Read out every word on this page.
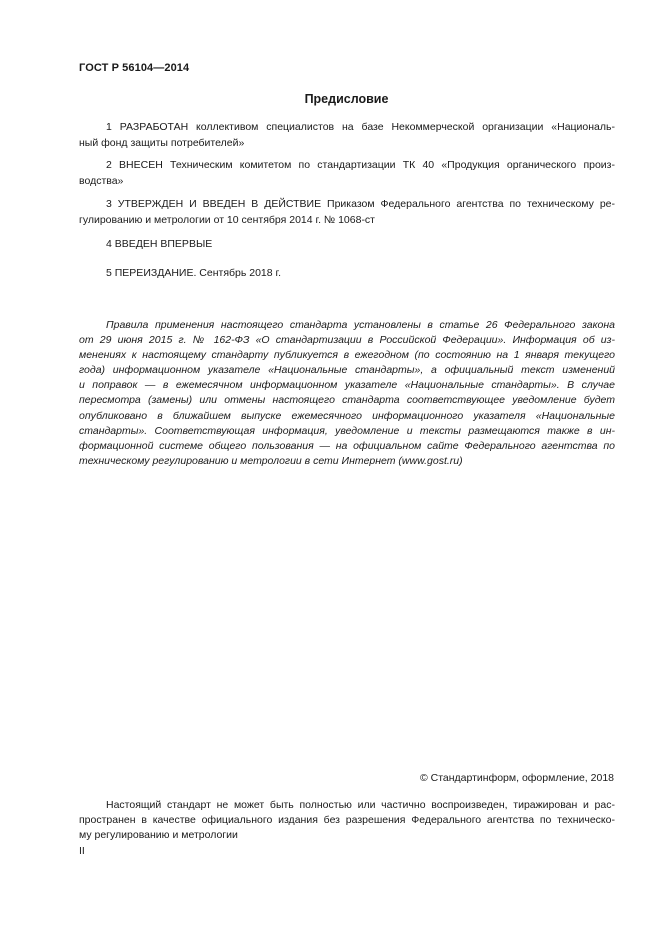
ГОСТ Р 56104—2014
Предисловие
1 РАЗРАБОТАН коллективом специалистов на базе Некоммерческой организации «Националь-
ный фонд защиты потребителей»
2 ВНЕСЕН Техническим комитетом по стандартизации ТК 40 «Продукция органического произ-
водства»
3 УТВЕРЖДЕН И ВВЕДЕН В ДЕЙСТВИЕ Приказом Федерального агентства по техническому ре-
гулированию и метрологии от 10 сентября 2014 г. № 1068-ст
4 ВВЕДЕН ВПЕРВЫЕ
5 ПЕРЕИЗДАНИЕ. Сентябрь 2018 г.
Правила применения настоящего стандарта установлены в статье 26 Федерального закона
от 29 июня 2015 г. № 162-ФЗ «О стандартизации в Российской Федерации». Информация об из-
менениях к настоящему стандарту публикуется в ежегодном (по состоянию на 1 января текущего
года) информационном указателе «Национальные стандарты», а официальный текст изменений
и поправок — в ежемесячном информационном указателе «Национальные стандарты». В случае
пересмотра (замены) или отмены настоящего стандарта соответствующее уведомление будет
опубликовано в ближайшем выпуске ежемесячного информационного указателя «Национальные
стандарты». Соответствующая информация, уведомление и тексты размещаются также в ин-
формационной системе общего пользования — на официальном сайте Федерального агентства по
техническому регулированию и метрологии в сети Интернет (www.gost.ru)
© Стандартинформ, оформление, 2018
Настоящий стандарт не может быть полностью или частично воспроизведен, тиражирован и рас-
пространен в качестве официального издания без разрешения Федерального агентства по техническо-
му регулированию и метрологии
II
